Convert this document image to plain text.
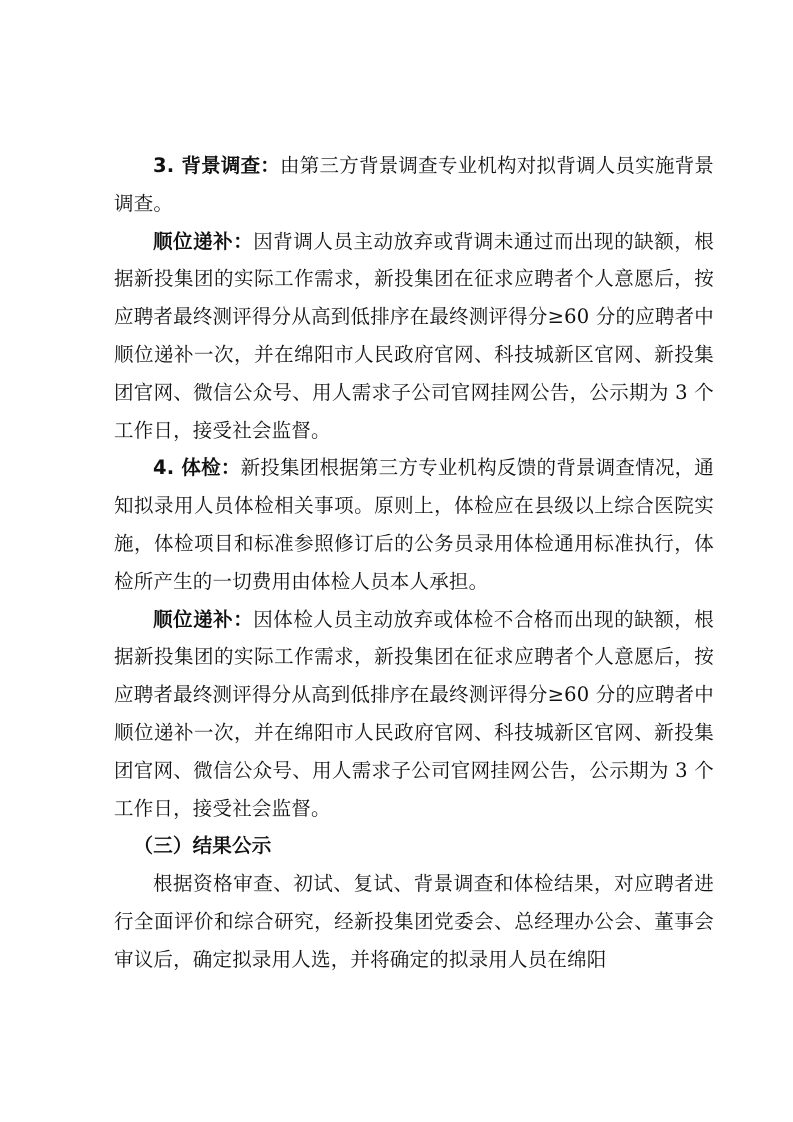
3. 背景调查：由第三方背景调查专业机构对拟背调人员实施背景调查。

顺位递补：因背调人员主动放弃或背调未通过而出现的缺额，根据新投集团的实际工作需求，新投集团在征求应聘者个人意愿后，按应聘者最终测评得分从高到低排序在最终测评得分≥60 分的应聘者中顺位递补一次，并在绵阳市人民政府官网、科技城新区官网、新投集团官网、微信公众号、用人需求子公司官网挂网公告，公示期为 3 个工作日，接受社会监督。

4. 体检：新投集团根据第三方专业机构反馈的背景调查情况，通知拟录用人员体检相关事项。原则上，体检应在县级以上综合医院实施，体检项目和标准参照修订后的公务员录用体检通用标准执行，体检所产生的一切费用由体检人员本人承担。

顺位递补：因体检人员主动放弃或体检不合格而出现的缺额，根据新投集团的实际工作需求，新投集团在征求应聘者个人意愿后，按应聘者最终测评得分从高到低排序在最终测评得分≥60 分的应聘者中顺位递补一次，并在绵阳市人民政府官网、科技城新区官网、新投集团官网、微信公众号、用人需求子公司官网挂网公告，公示期为 3 个工作日，接受社会监督。

（三）结果公示

根据资格审查、初试、复试、背景调查和体检结果，对应聘者进行全面评价和综合研究，经新投集团党委会、总经理办公会、董事会审议后，确定拟录用人选，并将确定的拟录用人员在绵阳
